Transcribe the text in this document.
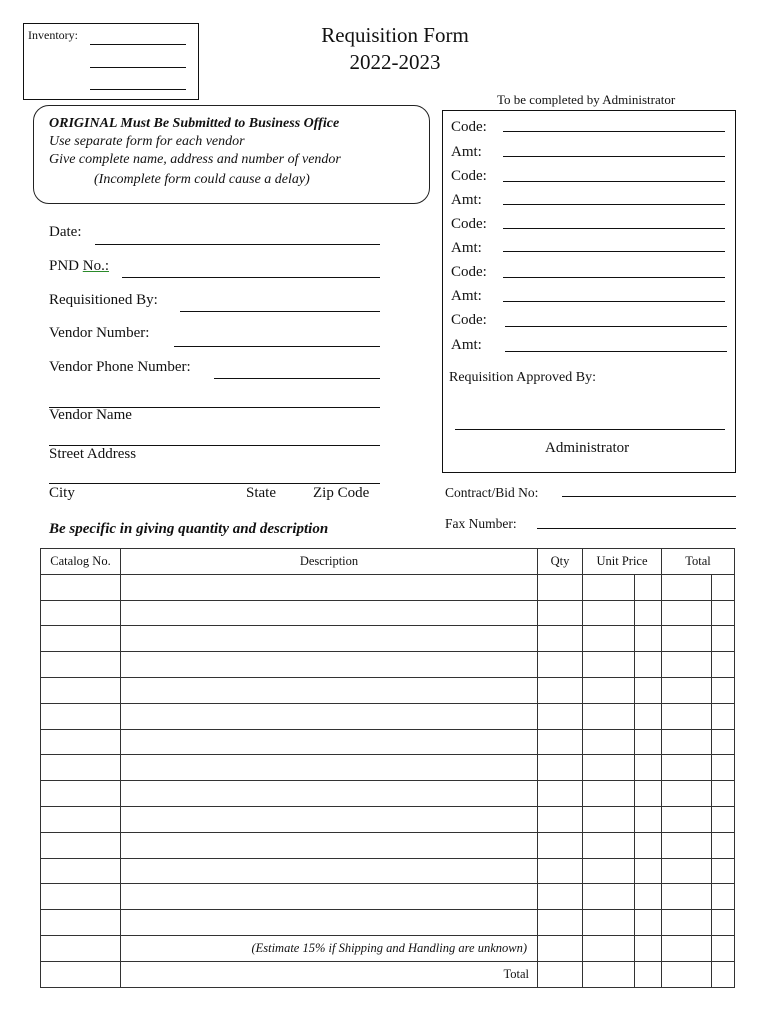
Inventory:	Requisition Form
2022-2023
ORIGINAL Must Be Submitted to Business Office
Use separate form for each vendor
Give complete name, address and number of vendor
(Incomplete form could cause a delay)
To be completed by Administrator
Code:
Amt:
Code:
Amt:
Code:
Amt:
Code:
Amt:
Code:
Amt:
Requisition Approved By:
Administrator
Date:
PND No.:
Requisitioned By:
Vendor Number:
Vendor Phone Number:
Vendor Name
Street Address
City	State Zip Code	Contract/Bid No:
Fax Number:
Be specific in giving quantity and description
Catalog No.	Description	Qty	Unit Price		Total	

	(Estimate 15% if Shipping and Handling are unknown)					
	Total					
